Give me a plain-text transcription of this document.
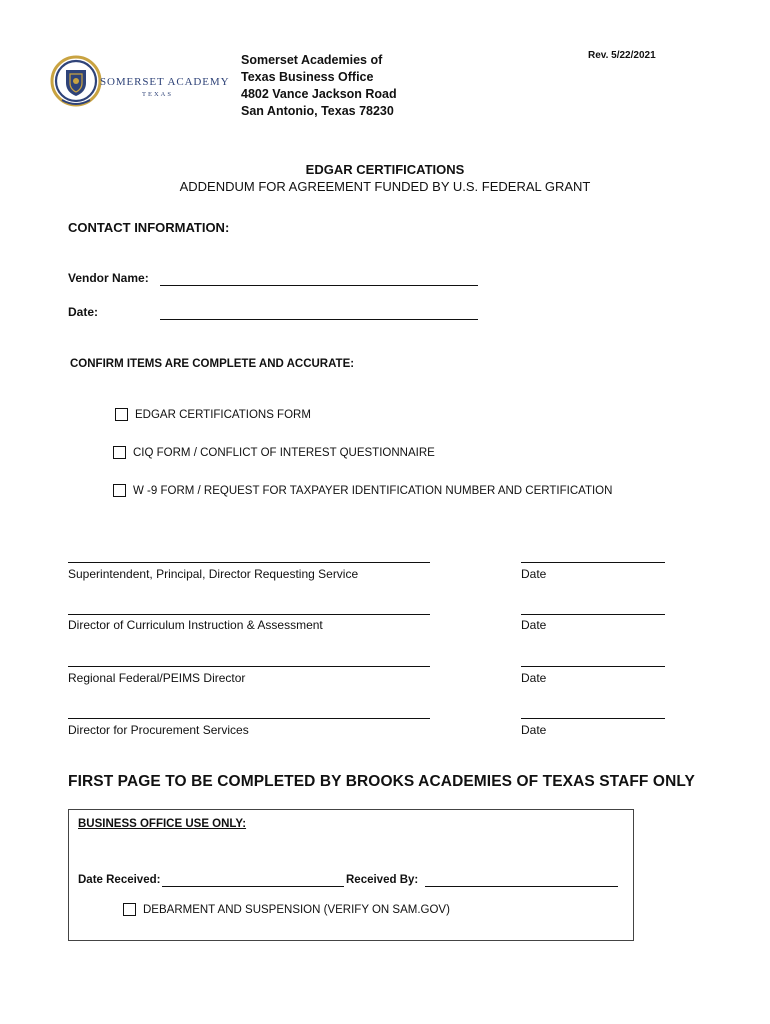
SOMERSET ACADEMY
TEXAS
Somerset Academies of
Texas Business Office
4802 Vance Jackson Road
San Antonio, Texas 78230
Rev. 5/22/2021
EDGAR CERTIFICATIONS
ADDENDUM FOR AGREEMENT FUNDED BY U.S. FEDERAL GRANT
CONTACT INFORMATION:
Vendor Name:
Date:
CONFIRM ITEMS ARE COMPLETE AND ACCURATE:
EDGAR CERTIFICATIONS FORM
CIQ FORM / CONFLICT OF INTEREST QUESTIONNAIRE
W -9 FORM / REQUEST FOR TAXPAYER IDENTIFICATION NUMBER AND CERTIFICATION
Superintendent, Principal, Director Requesting Service	Date
Director of Curriculum Instruction & Assessment	Date
Regional Federal/PEIMS Director	Date
Director for Procurement Services	Date
FIRST PAGE TO BE COMPLETED BY BROOKS ACADEMIES OF TEXAS STAFF ONLY
BUSINESS OFFICE USE ONLY:
Date Received:	Received By:
DEBARMENT AND SUSPENSION (VERIFY ON SAM.GOV)
